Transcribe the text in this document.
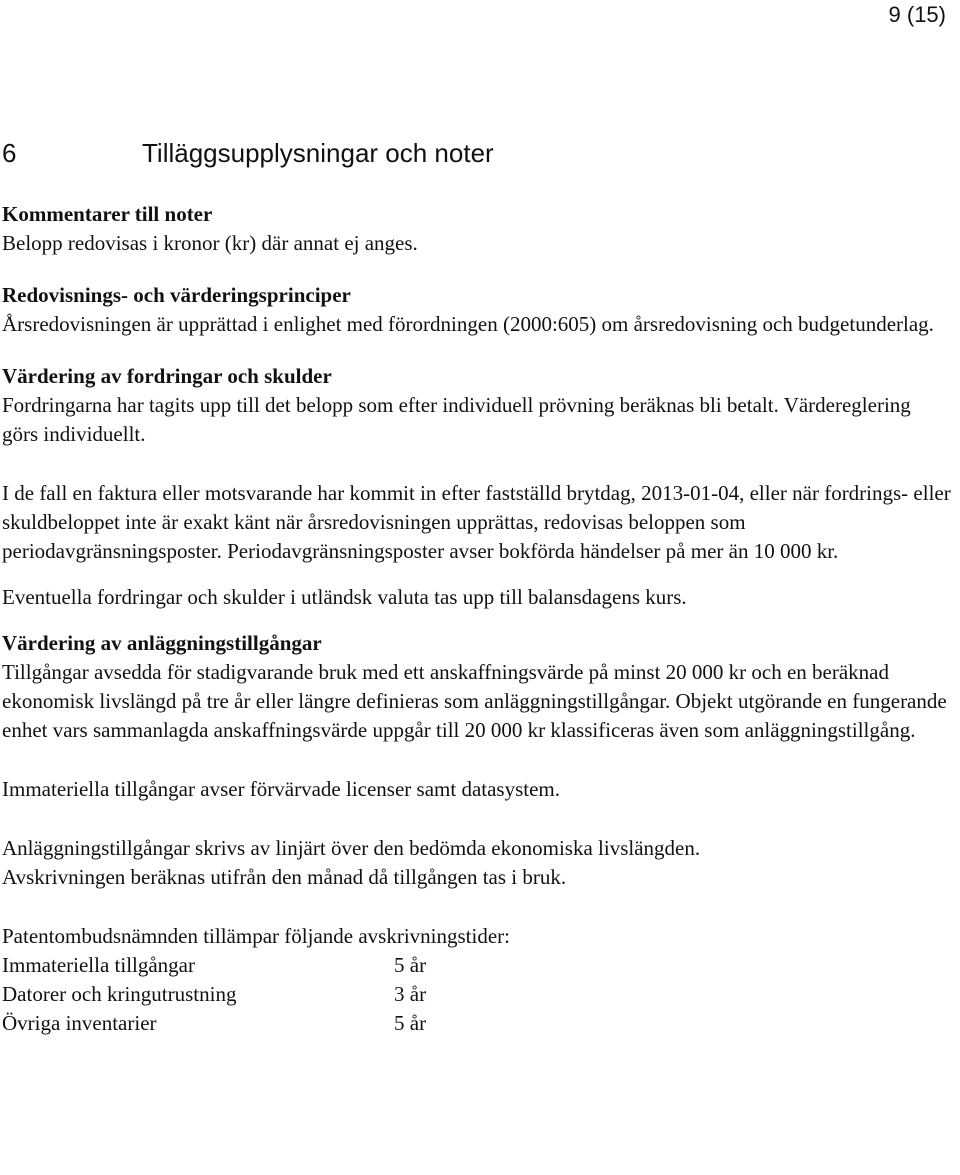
9 (15)
6	Tilläggsupplysningar och noter
Kommentarer till noter

Belopp redovisas i kronor (kr) där annat ej anges.

Redovisnings- och värderingsprinciper

Årsredovisningen är upprättad i enlighet med förordningen (2000:605) om årsredovisning och budgetunderlag.

Värdering av fordringar och skulder

Fordringarna har tagits upp till det belopp som efter individuell prövning beräknas bli betalt. Värdereglering görs individuellt.

I de fall en faktura eller motsvarande har kommit in efter fastställd brytdag, 2013-01-04, eller när fordrings- eller skuldbeloppet inte är exakt känt när årsredovisningen upprättas, redovisas beloppen som periodavgränsningsposter. Periodavgränsningsposter avser bokförda händelser på mer än 10 000 kr.

Eventuella fordringar och skulder i utländsk valuta tas upp till balansdagens kurs.

Värdering av anläggningstillgångar

Tillgångar avsedda för stadigvarande bruk med ett anskaffningsvärde på minst 20 000 kr och en beräknad ekonomisk livslängd på tre år eller längre definieras som anläggningstillgångar. Objekt utgörande en fungerande enhet vars sammanlagda anskaffningsvärde uppgår till 20 000 kr klassificeras även som anläggningstillgång.

Immateriella tillgångar avser förvärvade licenser samt datasystem.

Anläggningstillgångar skrivs av linjärt över den bedömda ekonomiska livslängden.

Avskrivningen beräknas utifrån den månad då tillgången tas i bruk.

Patentombudsnämnden tillämpar följande avskrivningstider:

Immateriella tillgångar	5 år
Datorer och kringutrustning	3 år
Övriga inventarier	5 år
